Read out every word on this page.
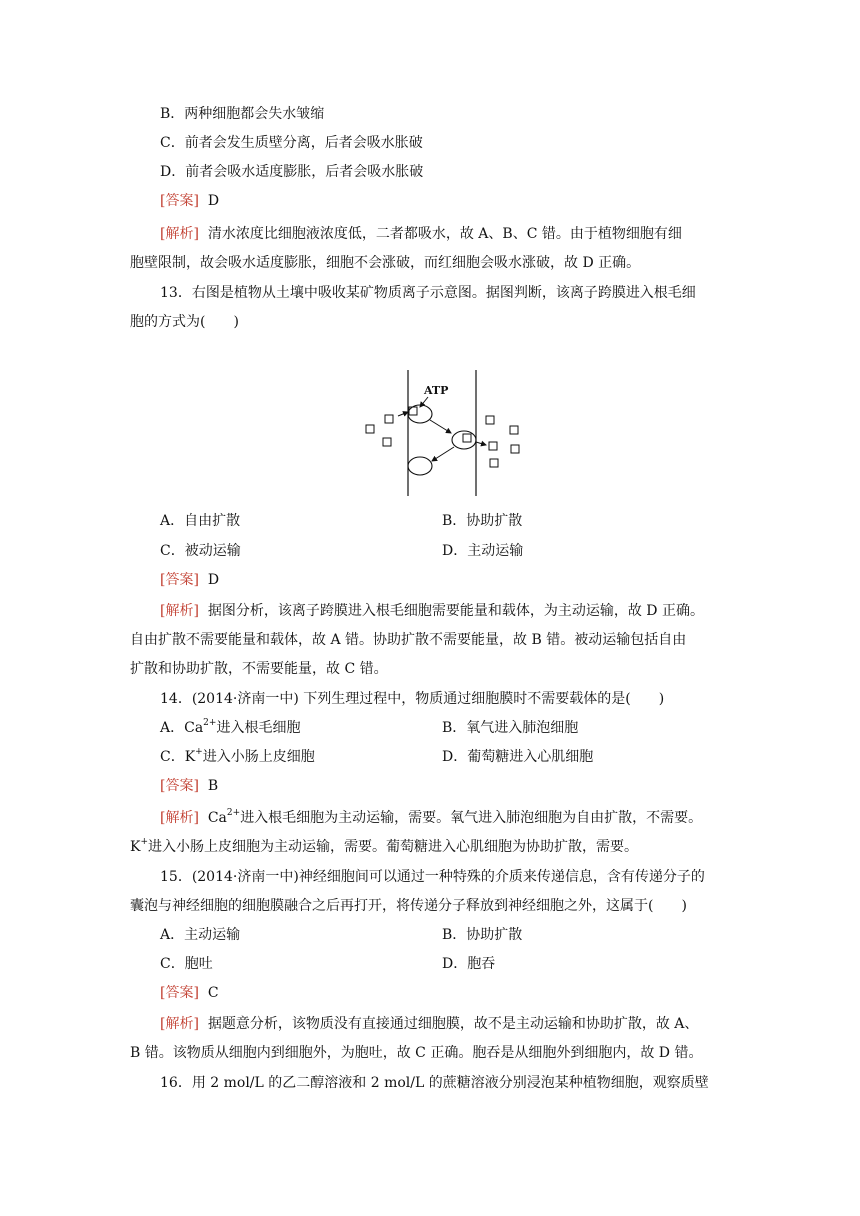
B．两种细胞都会失水皱缩
C．前者会发生质壁分离，后者会吸水胀破
D．前者会吸水适度膨胀，后者会吸水胀破
[答案] D
[解析] 清水浓度比细胞液浓度低，二者都吸水，故 A、B、C 错。由于植物细胞有细
胞壁限制，故会吸水适度膨胀，细胞不会涨破，而红细胞会吸水涨破，故 D 正确。
13．右图是植物从土壤中吸收某矿物质离子示意图。据图判断，该离子跨膜进入根毛细
胞的方式为(　　)
ATP
A．自由扩散	B．协助扩散
C．被动运输	D．主动运输
[答案] D
[解析] 据图分析，该离子跨膜进入根毛细胞需要能量和载体，为主动运输，故 D 正确。
自由扩散不需要能量和载体，故 A 错。协助扩散不需要能量，故 B 错。被动运输包括自由
扩散和协助扩散，不需要能量，故 C 错。
14．(2014·济南一中) 下列生理过程中，物质通过细胞膜时不需要载体的是(　　)
A．$Ca^{2+}$进入根毛细胞	B．氧气进入肺泡细胞
C．K+进入小肠上皮细胞	D．葡萄糖进入心肌细胞
[答案] B
[解析] $Ca^{2+}$进入根毛细胞为主动运输，需要。氧气进入肺泡细胞为自由扩散，不需要。
K+进入小肠上皮细胞为主动运输，需要。葡萄糖进入心肌细胞为协助扩散，需要。
15．(2014·济南一中)神经细胞间可以通过一种特殊的介质来传递信息，含有传递分子的
囊泡与神经细胞的细胞膜融合之后再打开，将传递分子释放到神经细胞之外，这属于(　　)
A．主动运输	B．协助扩散
C．胞吐	D．胞吞
[答案] C
[解析] 据题意分析，该物质没有直接通过细胞膜，故不是主动运输和协助扩散，故 A、
B 错。该物质从细胞内到细胞外，为胞吐，故 C 正确。胞吞是从细胞外到细胞内，故 D 错。
16．用 2 mol/L 的乙二醇溶液和 2 mol/L 的蔗糖溶液分别浸泡某种植物细胞，观察质壁
